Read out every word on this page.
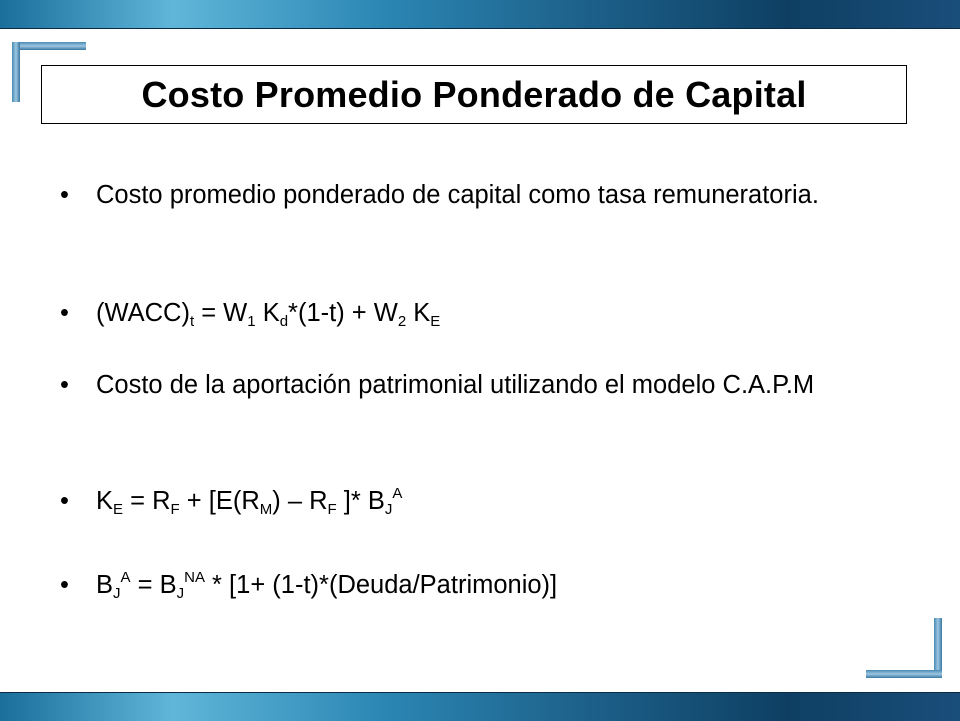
Costo Promedio Ponderado de Capital
•	Costo promedio ponderado de capital como tasa remuneratoria.
•	$(WACC)_t = W_1$ $K_d*(1-t) + W_2$ $K_E$
•	Costo de la aportación patrimonial utilizando el modelo C.A.P.M
•	$K_E = R_F + [E(R_M) - R_F$ ]* $B_J^A$
•	$B_J^A = B_J^{NA} * [1+$ (1-t)*(Deuda/Patrimonio)]
